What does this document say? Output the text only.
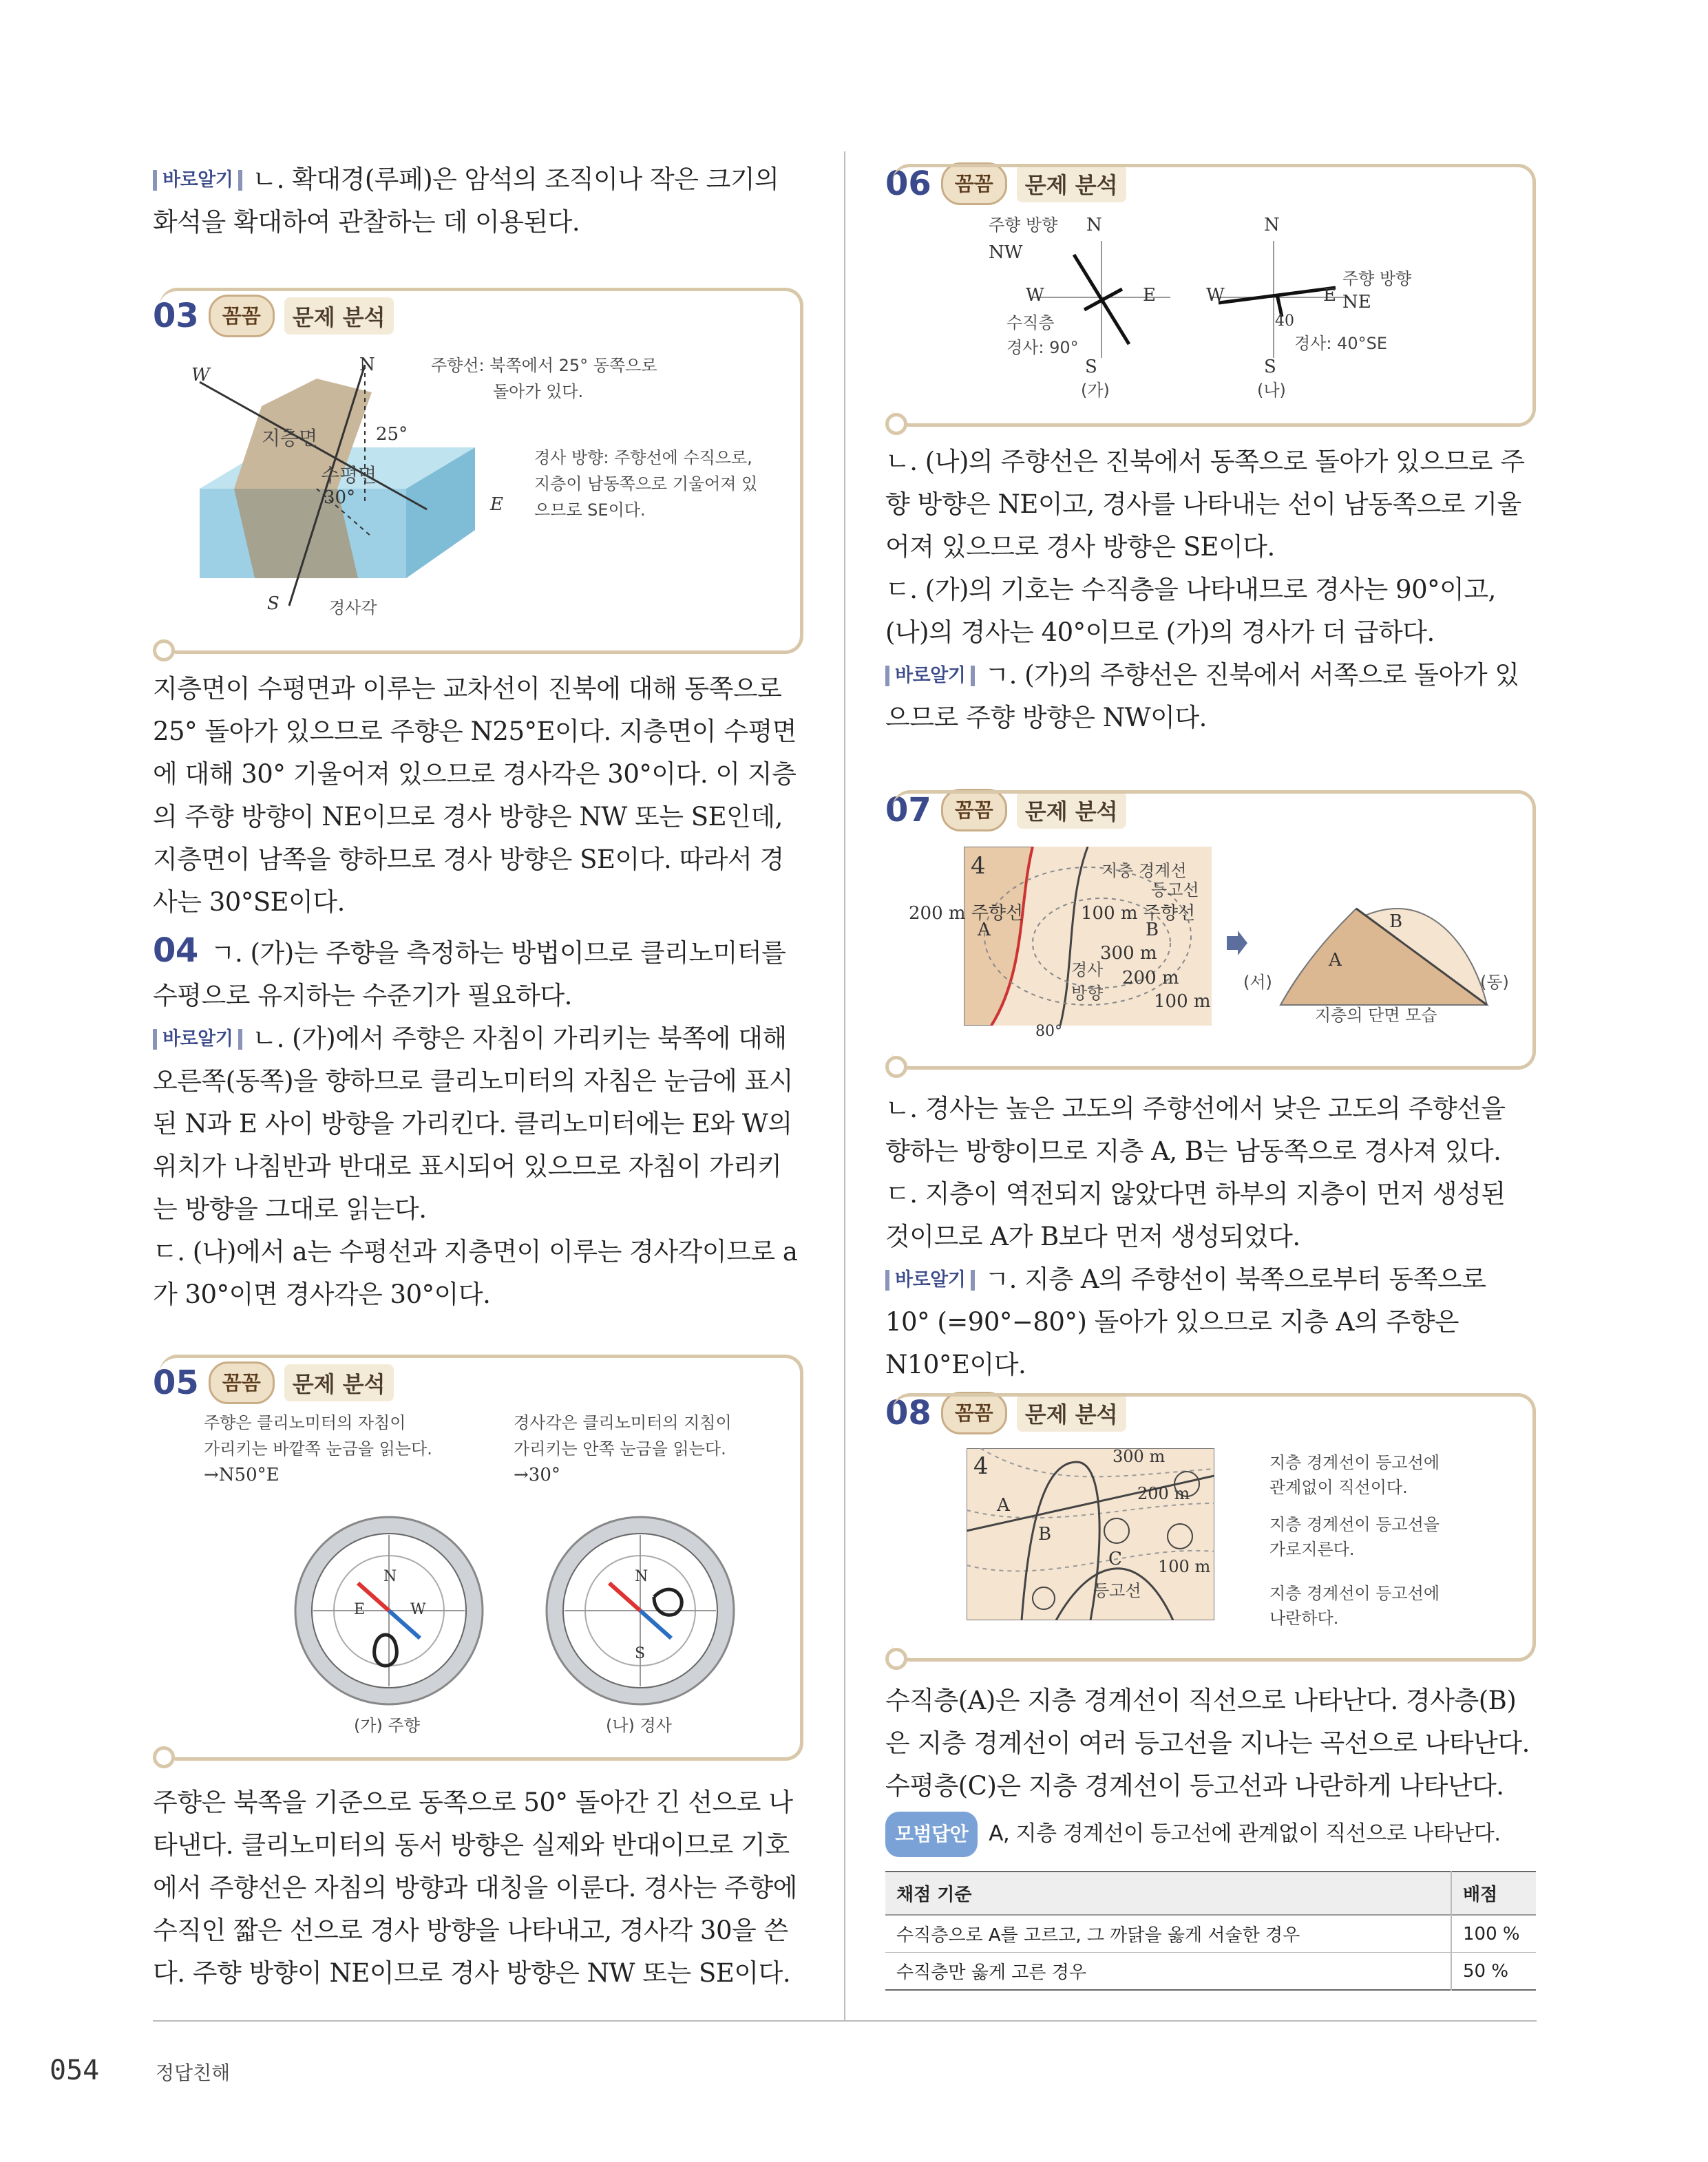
바로알기 ㄴ. 확대경(루페)은 암석의 조직이나 작은 크기의 화석을 확대하여 관찰하는 데 이용된다.

03	꼼꼼	문제 분석
N
W
E
S
지층면	25°
수평면
30°
경사각
주향선: 북쪽에서 25° 동쪽으로
돌아가 있다.
경사 방향: 주향선에 수직으로,
지층이 남동쪽으로 기울어져 있
으므로 SE이다.

지층면이 수평면과 이루는 교차선이 진북에 대해 동쪽으로 25° 돌아가 있으므로 주향은 N25°E이다. 지층면이 수평면에 대해 30° 기울어져 있으므로 경사각은 30°이다. 이 지층의 주향 방향이 NE이므로 경사 방향은 NW 또는 SE인데, 지층면이 남쪽을 향하므로 경사 방향은 SE이다. 따라서 경사는 30°SE이다.

04 ㄱ. (가)는 주향을 측정하는 방법이므로 클리노미터를 수평으로 유지하는 수준기가 필요하다.

바로알기 ㄴ. (가)에서 주향은 자침이 가리키는 북쪽에 대해 오른쪽(동쪽)을 향하므로 클리노미터의 자침은 눈금에 표시된 N과 E 사이 방향을 가리킨다. 클리노미터에는 E와 W의 위치가 나침반과 반대로 표시되어 있으므로 자침이 가리키는 방향을 그대로 읽는다.

ㄷ. (나)에서 a는 수평선과 지층면이 이루는 경사각이므로 a가 30°이면 경사각은 30°이다.

05	꼼꼼	문제 분석
주향은 클리노미터의 자침이
가리키는 바깥쪽 눈금을 읽는다.
→N50°E
경사각은 클리노미터의 지침이
가리키는 안쪽 눈금을 읽는다.
→30°
N
E	W
N
S
(가) 주향	(나) 경사

주향은 북쪽을 기준으로 동쪽으로 50° 돌아간 긴 선으로 나타낸다. 클리노미터의 동서 방향은 실제와 반대이므로 기호에서 주향선은 자침의 방향과 대칭을 이룬다. 경사는 주향에 수직인 짧은 선으로 경사 방향을 나타내고, 경사각 30을 쓴다. 주향 방향이 NE이므로 경사 방향은 NW 또는 SE이다.

06	꼼꼼	문제 분석
주향 방향
NW
N
W	E
수직층
경사: 90°
S
(가)
N
W	E
주향 방향
NE
40
경사: 40°SE
S
(나)

ㄴ. (나)의 주향선은 진북에서 동쪽으로 돌아가 있으므로 주향 방향은 NE이고, 경사를 나타내는 선이 남동쪽으로 기울어져 있으므로 경사 방향은 SE이다.

ㄷ. (가)의 기호는 수직층을 나타내므로 경사는 90°이고, (나)의 경사는 40°이므로 (가)의 경사가 더 급하다.

바로알기 ㄱ. (가)의 주향선은 진북에서 서쪽으로 돌아가 있으므로 주향 방향은 NW이다.

07	꼼꼼	문제 분석
4	지층 경계선
등고선
200 m 주향선	100 m 주향선
A	B
300 m
경사 200 m
방향	100 m
80°
B
A
(서)	(동)
지층의 단면 모습

ㄴ. 경사는 높은 고도의 주향선에서 낮은 고도의 주향선을 향하는 방향이므로 지층 A, B는 남동쪽으로 경사져 있다.

ㄷ. 지층이 역전되지 않았다면 하부의 지층이 먼저 생성된 것이므로 A가 B보다 먼저 생성되었다.

바로알기 ㄱ. 지층 A의 주향선이 북쪽으로부터 동쪽으로 10° (=90°−80°) 돌아가 있으므로 지층 A의 주향은 N10°E이다.

08	꼼꼼	문제 분석
4	300 m
200 m
A
B
C 100 m
등고선
지층 경계선이 등고선에
관계없이 직선이다.
지층 경계선이 등고선을
가로지른다.
지층 경계선이 등고선에
나란하다.

수직층(A)은 지층 경계선이 직선으로 나타난다. 경사층(B)은 지층 경계선이 여러 등고선을 지나는 곡선으로 나타난다. 수평층(C)은 지층 경계선이 등고선과 나란하게 나타난다.

모범답안 A, 지층 경계선이 등고선에 관계없이 직선으로 나타난다.

채점 기준	배점
수직층으로 A를 고르고, 그 까닭을 옳게 서술한 경우	100 %
수직층만 옳게 고른 경우	50 %
054	정답친해
